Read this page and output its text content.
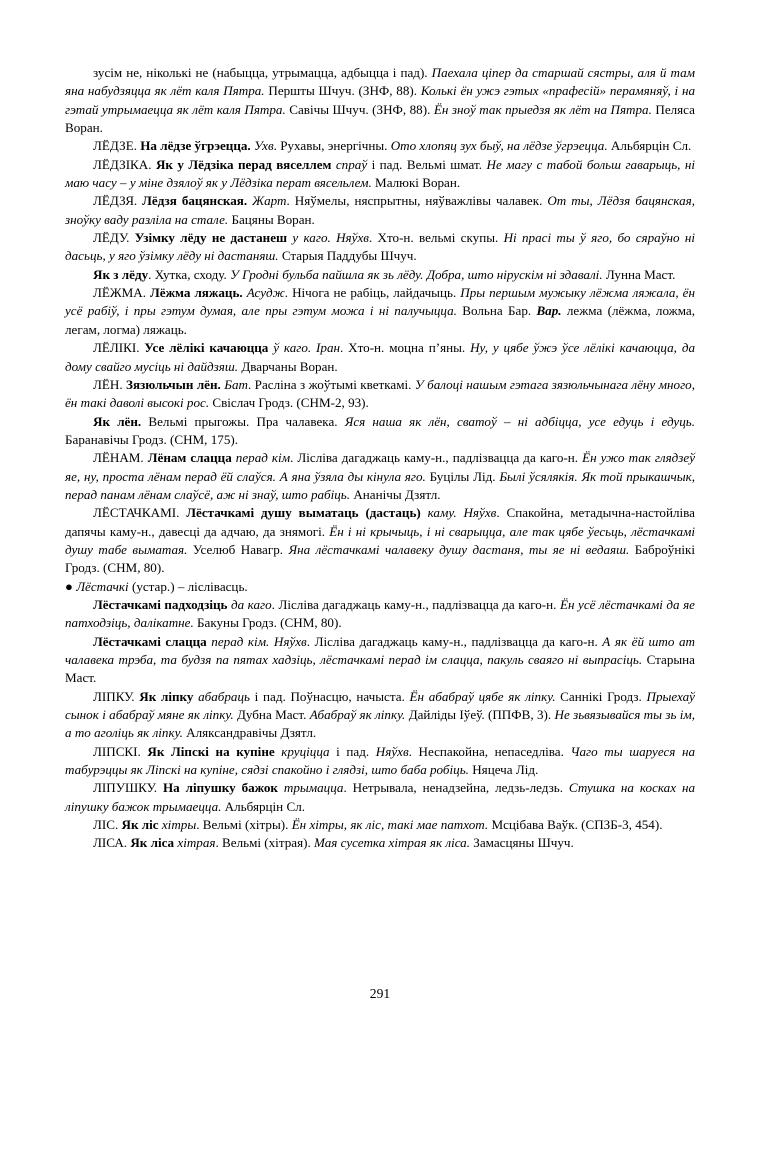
зусім не, нiколькi не (набыцца, утрымацца, адбыцца i пад). Паехала цiпер да старшай сястры, аля й там яна набудзяцца як лёт каля Пятра. Першты Шчуч. (ЗНФ, 88). Колькi ён ужэ гэтых «прафесiй» перамяняў, i на гэтай утрымаецца як лёт каля Пятра. Савiчы Шчуч. (ЗНФ, 88). Ён зноў так прыедзя як лёт на Пятра. Пеляса Воран.

ЛЁДЗЕ. На лёдзе ўгрэецца. Ухв. Рухавы, энергiчны. Ото хлопяц зух быў, на лёдзе ўгрэецца. Альбярцiн Сл.

ЛЁДЗIКА. Як у Лёдзiка перад вяселлем спраў i пад. Вельмi шмат. Не магу с табой больш гаварыць, нi маю часу – у мiне дзялоў як у Лёдзiка перат вясельлем. Малюкi Воран.

ЛЁДЗЯ. Лёдзя бацянская. Жарт. Няўмелы, няспрытны, няўважлiвы чалавек. От ты, Лёдзя бацянская, зноўку ваду разлiла на стале. Бацяны Воран.

ЛЁДУ. Узiмку лёду не дастанеш у каго. Няўхв. Хто-н. вельмi скупы. Нi прасi ты ў яго, бо сяраўно нi дасьць, у яго ўзiмку лёду нi дастаняш. Старыя Паддубы Шчуч.

Як з лёду. Хутка, сходу. У Гроднi бульба пайшла як зь лёду. Добра, што нiрускiм нi здавалi. Лунна Маст.

ЛЁЖМА. Лёжма ляжаць. Асудж. Нiчога не рабiць, лайдачыць. Пры першым мужыку лёжма ляжала, ён усё рабiў, i пры гэтум думая, але пры гэтум можа i нi палучыцца. Вольна Бар. Вар. лежма (лёжма, ложма, легам, логма) ляжаць.

ЛЁЛIКI. Усе лёлiкi качаюцца ў каго. Iран. Хто-н. моцна п’яны. Ну, у цябе ўжэ ўсе лёлiкi качаюцца, да дому свайго мусiць нi дайдзяш. Дварчаны Воран.

ЛЁН. Зязюльчын лён. Бат. Раслiна з жоўтымi кветкамi. У балоцi нашым гэтага зязюльчынага лёну много, ён такi даволi высокi рос. Свiслач Гродз. (СНМ-2, 93).

Як лён. Вельмi прыгожы. Пра чалавека. Яся наша як лён, сватоў – нi адбiцца, усе едуць i едуць. Баранавiчы Гродз. (СНМ, 175).

ЛЁНАМ. Лёнам слацца перад кiм. Лiслiва дагаджаць каму-н., падлiзвацца да каго-н. Ён ужо так глядзеў яе, ну, проста лёнам перад ёй слаўся. А яна ўзяла ды кiнула яго. Буцiлы Лiд. Былi ўсялякiя. Як той прыкашчык, перад панам лёнам слаўсё, аж нi знаў, што рабiць. Ананiчы Дзятл.

ЛЁСТАЧКАМI. Лёстачкамi душу выматаць (дастаць) каму. Няўхв. Спакойна, метадычна-настойлiва дапячы каму-н., давесцi да адчаю, да знямогi. Ён i нi крычыць, i нi сварыцца, але так цябе ўесьць, лёстачкамi душу табе выматая. Уселюб Навагр. Яна лёстачкамi чалавеку душу дастаня, ты яе нi ведаяш. Баброўнiкi Гродз. (СНМ, 80).

● Лёстачкi (устар.) – лiслiвасць.

Лёстачкамi падходзiць да каго. Лiслiва дагаджаць каму-н., падлiзвацца да каго-н. Ён усё лёстачкамi да яе патходзiць, далiкатне. Бакуны Гродз. (СНМ, 80).

Лёстачкамi слацца перад кiм. Няўхв. Лiслiва дагаджаць каму-н., падлiзвацца да каго-н. А як ёй што ат чалавека трэба, та будзя па пятах хадзiць, лёстачкамi перад iм слацца, пакуль сваяго нi выпрасiць. Старына Маст.

ЛIПКУ. Як лiпку абабраць i пад. Поўнасцю, начыста. Ён абабраў цябе як лiпку. Саннiкi Гродз. Прыехаў сынок i абабраў мяне як лiпку. Дубна Маст. Абабраў як лiпку. Дайлiды Iўеў. (ППФВ, 3). Не зьвязывайся ты зь iм, а то аголiць як лiпку. Аляксандравiчы Дзятл.

ЛIПСКI. Як Лiпскi на купiне круцiцца i пад. Няўхв. Неспакойна, непаседлiва. Чаго ты шаруеся на табурэццы як Лiпскi на купiне, сядзi спакойно i глядзi, што баба робiць. Няцеча Лiд.

ЛIПУШКУ. На лiпушку бажок трымацца. Нетрывала, ненадзейна, ледзь-ледзь. Стушка на косках на лiпушку бажок трымаецца. Альбярцiн Сл.

ЛIС. Як лiс хiтры. Вельмi (хiтры). Ён хiтры, як лiс, такi мае патхот. Мсцiбава Ваўк. (СПЗБ-3, 454).

ЛIСА. Як лiса хiтрая. Вельмi (хiтрая). Мая сусетка хiтрая як лiса. Замасцяны Шчуч.

291
